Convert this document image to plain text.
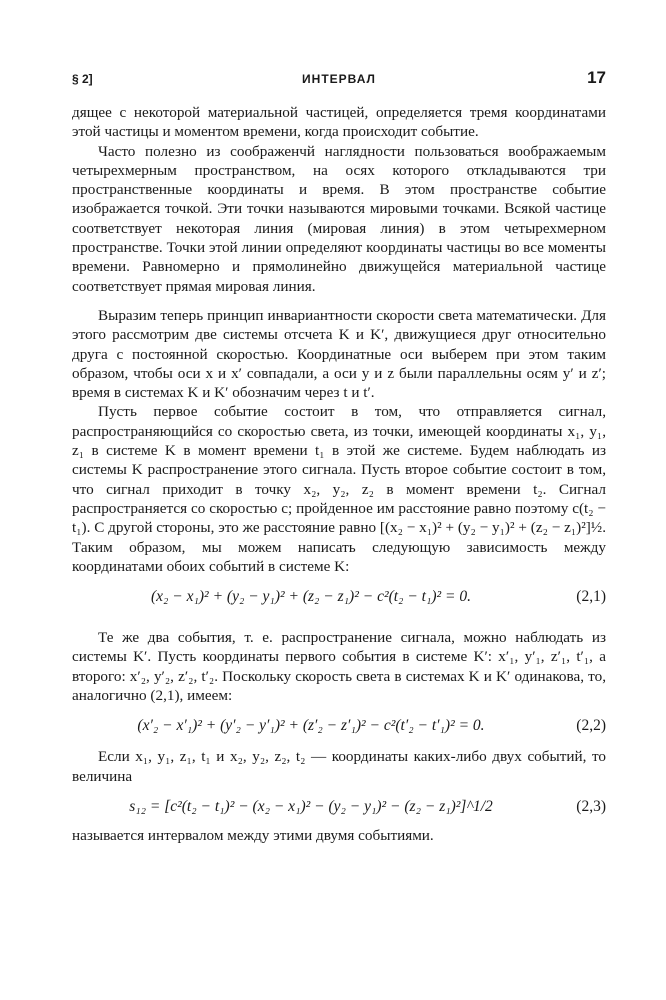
§ 2]	ИНТЕРВАЛ	17

дящее с некоторой материальной частицей, определяется тремя координатами этой частицы и моментом времени, когда происходит событие.

Часто полезно из соображенчй наглядности пользоваться воображаемым четырехмерным пространством, на осях которого откладываются три пространственные координаты и время. В этом пространстве событие изображается точкой. Эти точки называются мировыми точками. Всякой частице соответствует некоторая линия (мировая линия) в этом четырехмерном пространстве. Точки этой линии определяют координаты частицы во все моменты времени. Равномерно и прямолинейно движущейся материальной частице соответствует прямая мировая линия.

Выразим теперь принцип инвариантности скорости света математически. Для этого рассмотрим две системы отсчета K и K′, движущиеся друг относительно друга с постоянной скоростью. Координатные оси выберем при этом таким образом, чтобы оси x и x′ совпадали, а оси y и z были параллельны осям y′ и z′; время в системах K и K′ обозначим через t и t′.

Пусть первое событие состоит в том, что отправляется сигнал, распространяющийся со скоростью света, из точки, имеющей координаты x₁, y₁, z₁ в системе K в момент времени t₁ в этой же системе. Будем наблюдать из системы K распространение этого сигнала. Пусть второе событие состоит в том, что сигнал приходит в точку x₂, y₂, z₂ в момент времени t₂. Сигнал распространяется со скоростью c; пройденное им расстояние равно поэтому c(t₂ − t₁). С другой стороны, это же расстояние равно [(x₂ − x₁)² + (y₂ − y₁)² + (z₂ − z₁)²]½. Таким образом, мы можем написать следующую зависимость между координатами обоих событий в системе K:

(x₂ − x₁)² + (y₂ − y₁)² + (z₂ − z₁)² − c²(t₂ − t₁)² = 0.	(2,1)

Те же два события, т. е. распространение сигнала, можно наблюдать из системы K′. Пусть координаты первого события в системе K′: x′₁, y′₁, z′₁, t′₁, а второго: x′₂, y′₂, z′₂, t′₂. Поскольку скорость света в системах K и K′ одинакова, то, аналогично (2,1), имеем:

(x′₂ − x′₁)² + (y′₂ − y′₁)² + (z′₂ − z′₁)² − c²(t′₂ − t′₁)² = 0.	(2,2)

Если x₁, y₁, z₁, t₁ и x₂, y₂, z₂, t₂ — координаты каких-либо двух событий, то величина

s₁₂ = [c²(t₂ − t₁)² − (x₂ − x₁)² − (y₂ − y₁)² − (z₂ − z₁)²]^1/2	(2,3)

называется интервалом между этими двумя событиями.
